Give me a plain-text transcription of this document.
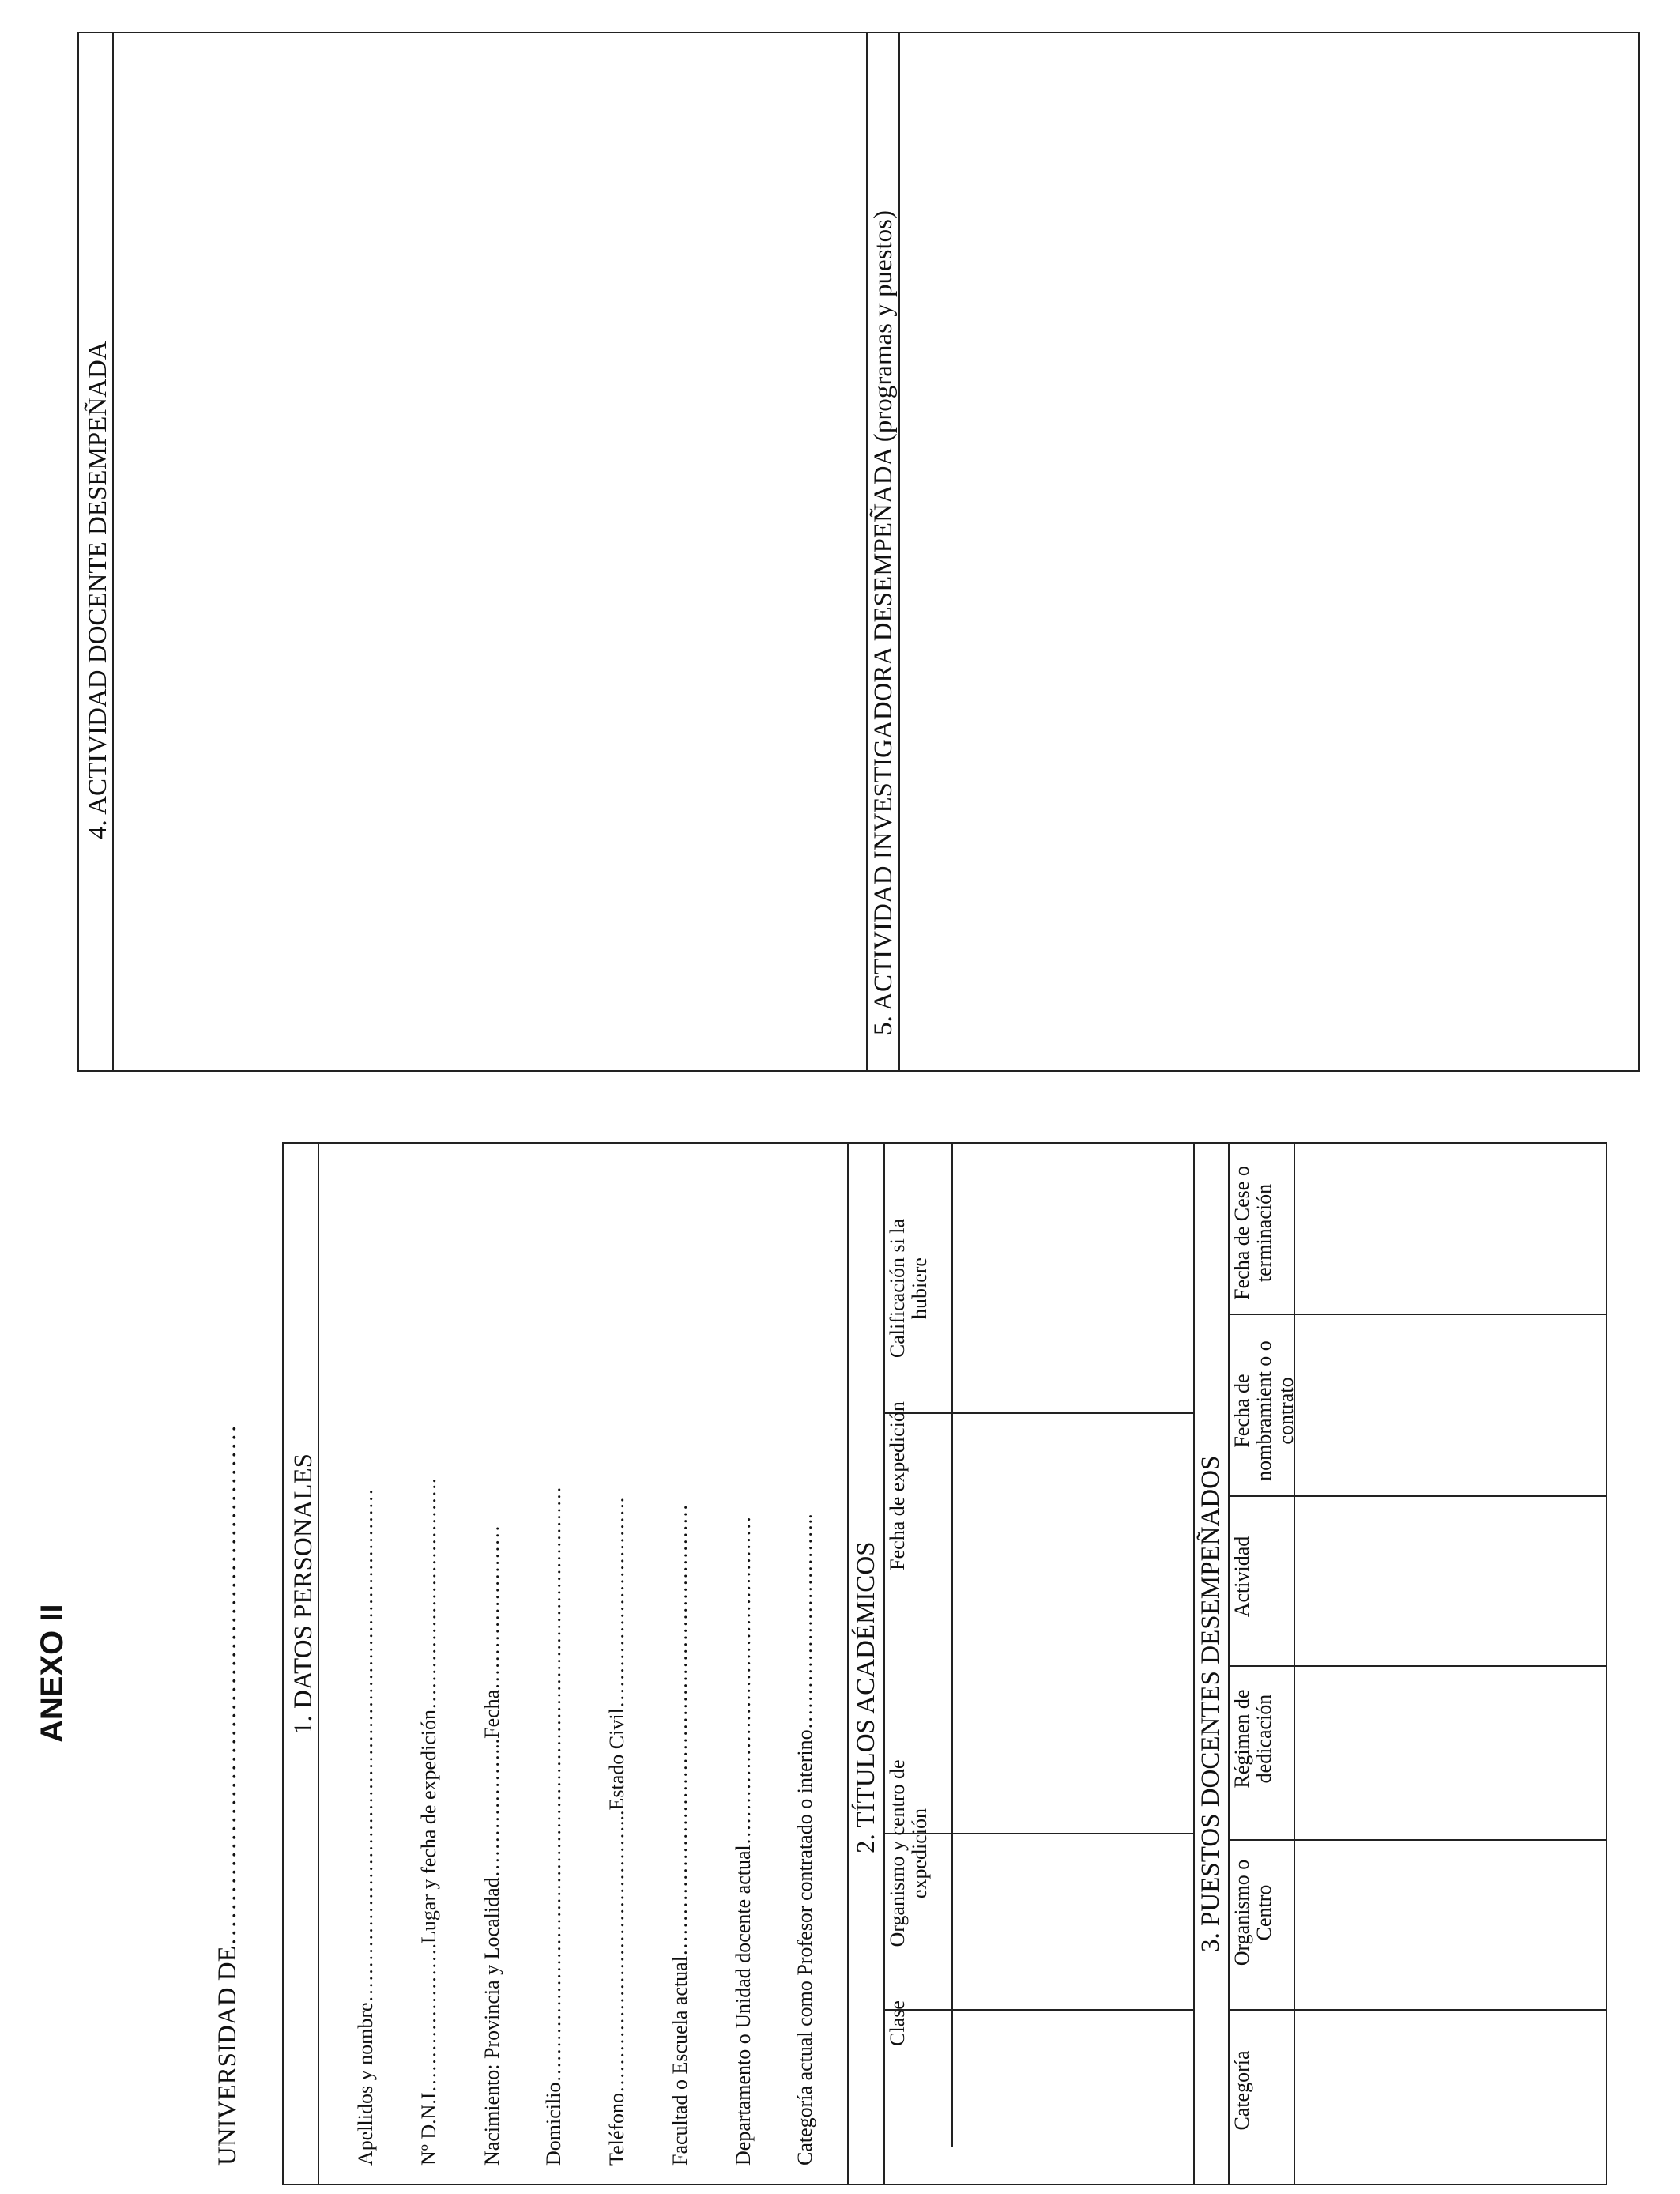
ANEXO II	UNIVERSIDAD DE…………………………………………………… 1. DATOS PERSONALES Apellidos y nombre………………………………………………………………… Nº D.N.I………………….Lugar y fecha de expedición……………………………. Nacimiento: Provincia y Localidad………………...Fecha…………………… Domicilio…………………………………………………………………………… Teléfono…………………………………...Estado Civil…………………………. Facultad o Escuela actual………………………………………………………… Departamento o Unidad docente actual………………………………………… Categoría actual como Profesor contratado o interino………………………….. 2. TÍTULOS ACADÉMICOS
Clase
Organismo y centro de expedición
Fecha de expedición
Calificación si la hubiere
3. PUESTOS DOCENTES DESEMPEÑADOS
Categoría
Organismo o Centro
Régimen de dedicación
Actividad
Fecha de nombramient o o contrato
Fecha de Cese o terminación
4. ACTIVIDAD DOCENTE DESEMPEÑADA	5. ACTIVIDAD INVESTIGADORA DESEMPEÑADA (programas y puestos)
